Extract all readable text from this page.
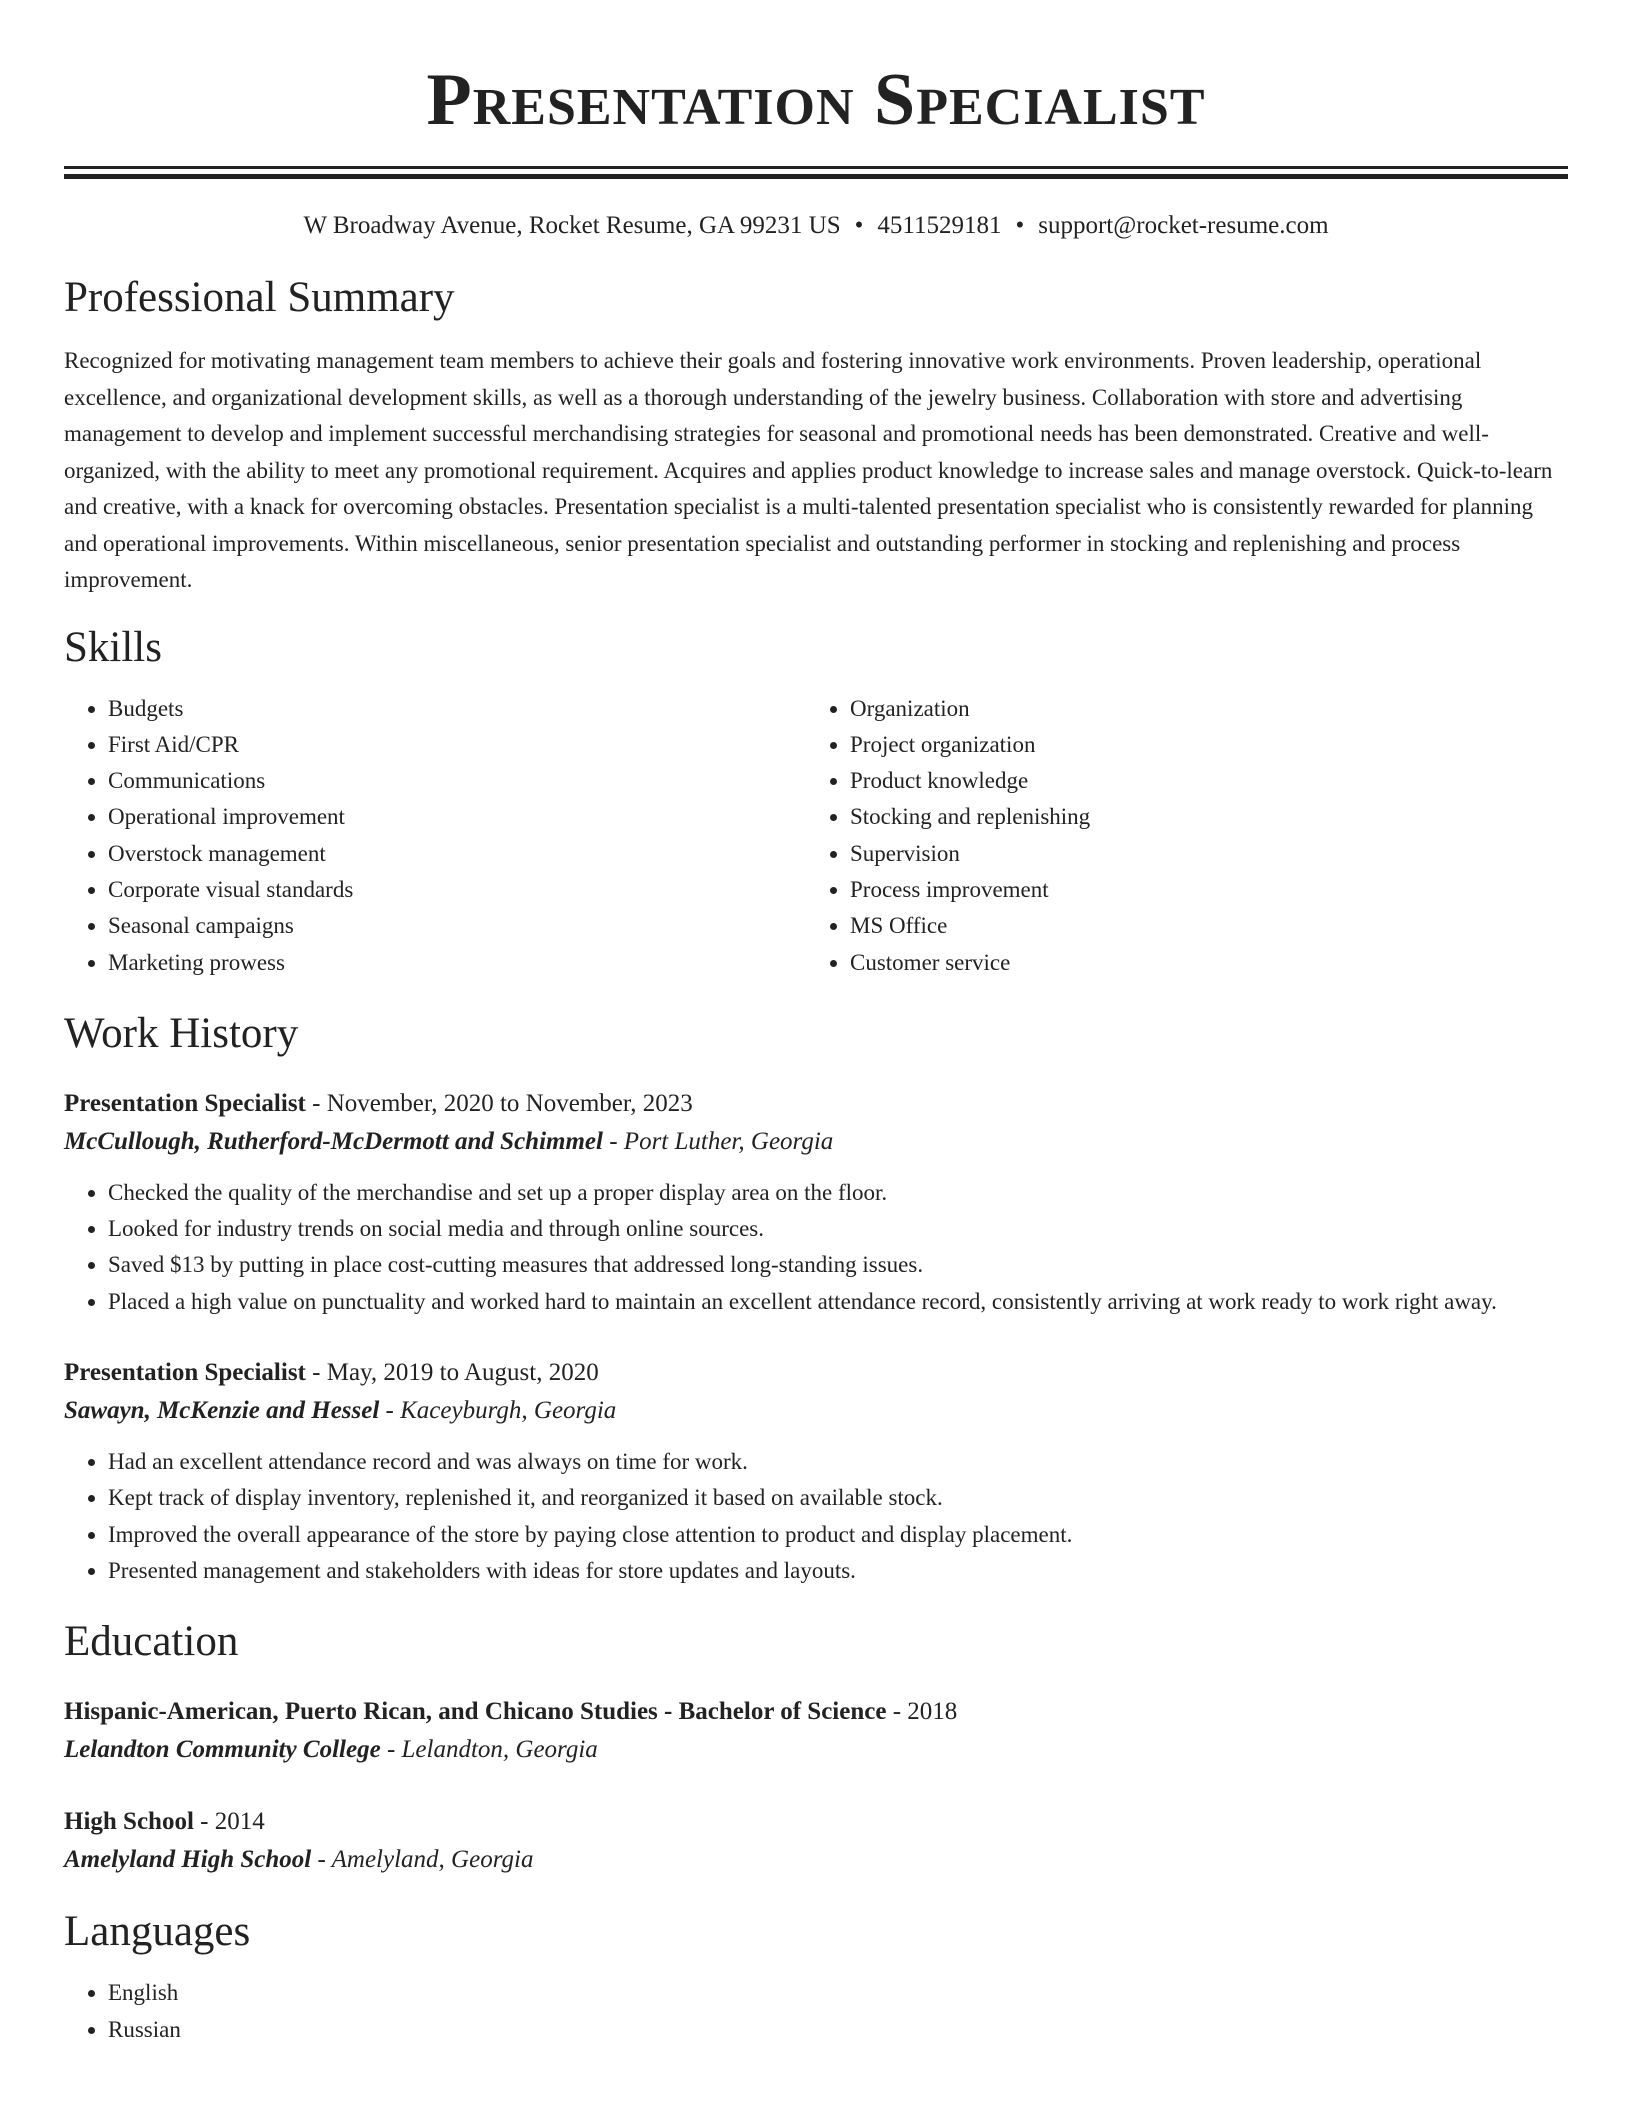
Presentation Specialist
W Broadway Avenue, Rocket Resume, GA 99231 US • 4511529181 • support@rocket-resume.com
Professional Summary

Recognized for motivating management team members to achieve their goals and fostering innovative work environments. Proven leadership, operational excellence, and organizational development skills, as well as a thorough understanding of the jewelry business. Collaboration with store and advertising management to develop and implement successful merchandising strategies for seasonal and promotional needs has been demonstrated. Creative and well-organized, with the ability to meet any promotional requirement. Acquires and applies product knowledge to increase sales and manage overstock. Quick-to-learn and creative, with a knack for overcoming obstacles. Presentation specialist is a multi-talented presentation specialist who is consistently rewarded for planning and operational improvements. Within miscellaneous, senior presentation specialist and outstanding performer in stocking and replenishing and process improvement.

Skills
• Budgets
• First Aid/CPR
• Communications
• Operational improvement
• Overstock management
• Corporate visual standards
• Seasonal campaigns
• Marketing prowess
• Organization
• Project organization
• Product knowledge
• Stocking and replenishing
• Supervision
• Process improvement
• MS Office
• Customer service
Work History
Presentation Specialist - November, 2020 to November, 2023
McCullough, Rutherford-McDermott and Schimmel - Port Luther, Georgia
• Checked the quality of the merchandise and set up a proper display area on the floor.
• Looked for industry trends on social media and through online sources.
• Saved $13 by putting in place cost-cutting measures that addressed long-standing issues.
• Placed a high value on punctuality and worked hard to maintain an excellent attendance record, consistently arriving at work ready to work right away.
Presentation Specialist - May, 2019 to August, 2020
Sawayn, McKenzie and Hessel - Kaceyburgh, Georgia
• Had an excellent attendance record and was always on time for work.
• Kept track of display inventory, replenished it, and reorganized it based on available stock.
• Improved the overall appearance of the store by paying close attention to product and display placement.
• Presented management and stakeholders with ideas for store updates and layouts.
Education
Hispanic-American, Puerto Rican, and Chicano Studies - Bachelor of Science - 2018
Lelandton Community College - Lelandton, Georgia
High School - 2014
Amelyland High School - Amelyland, Georgia
Languages
• English
• Russian
